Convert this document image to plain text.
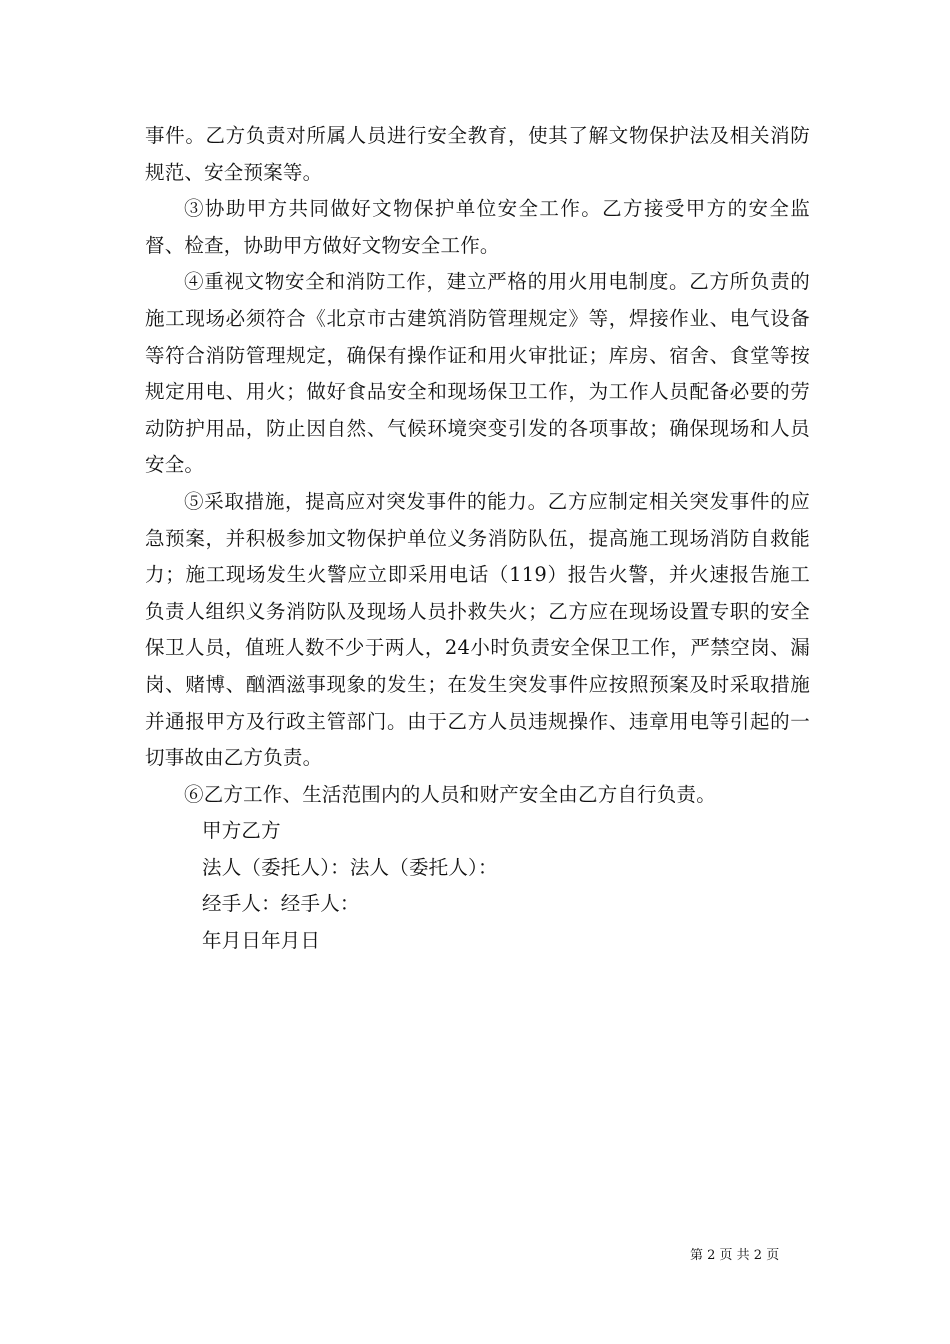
事件。乙方负责对所属人员进行安全教育，使其了解文物保护法及相关消防规范、安全预案等。

③协助甲方共同做好文物保护单位安全工作。乙方接受甲方的安全监督、检查，协助甲方做好文物安全工作。

④重视文物安全和消防工作，建立严格的用火用电制度。乙方所负责的施工现场必须符合《北京市古建筑消防管理规定》等，焊接作业、电气设备等符合消防管理规定，确保有操作证和用火审批证；库房、宿舍、食堂等按规定用电、用火；做好食品安全和现场保卫工作，为工作人员配备必要的劳动防护用品，防止因自然、气候环境突变引发的各项事故；确保现场和人员安全。

⑤采取措施，提高应对突发事件的能力。乙方应制定相关突发事件的应急预案，并积极参加文物保护单位义务消防队伍，提高施工现场消防自救能力；施工现场发生火警应立即采用电话（119）报告火警，并火速报告施工负责人组织义务消防队及现场人员扑救失火；乙方应在现场设置专职的安全保卫人员，值班人数不少于两人，24小时负责安全保卫工作，严禁空岗、漏岗、赌博、酗酒滋事现象的发生；在发生突发事件应按照预案及时采取措施并通报甲方及行政主管部门。由于乙方人员违规操作、违章用电等引起的一切事故由乙方负责。

⑥乙方工作、生活范围内的人员和财产安全由乙方自行负责。

甲方乙方

法人（委托人）：法人（委托人）：

经手人：经手人：

年月日年月日

第 2 页 共 2 页
